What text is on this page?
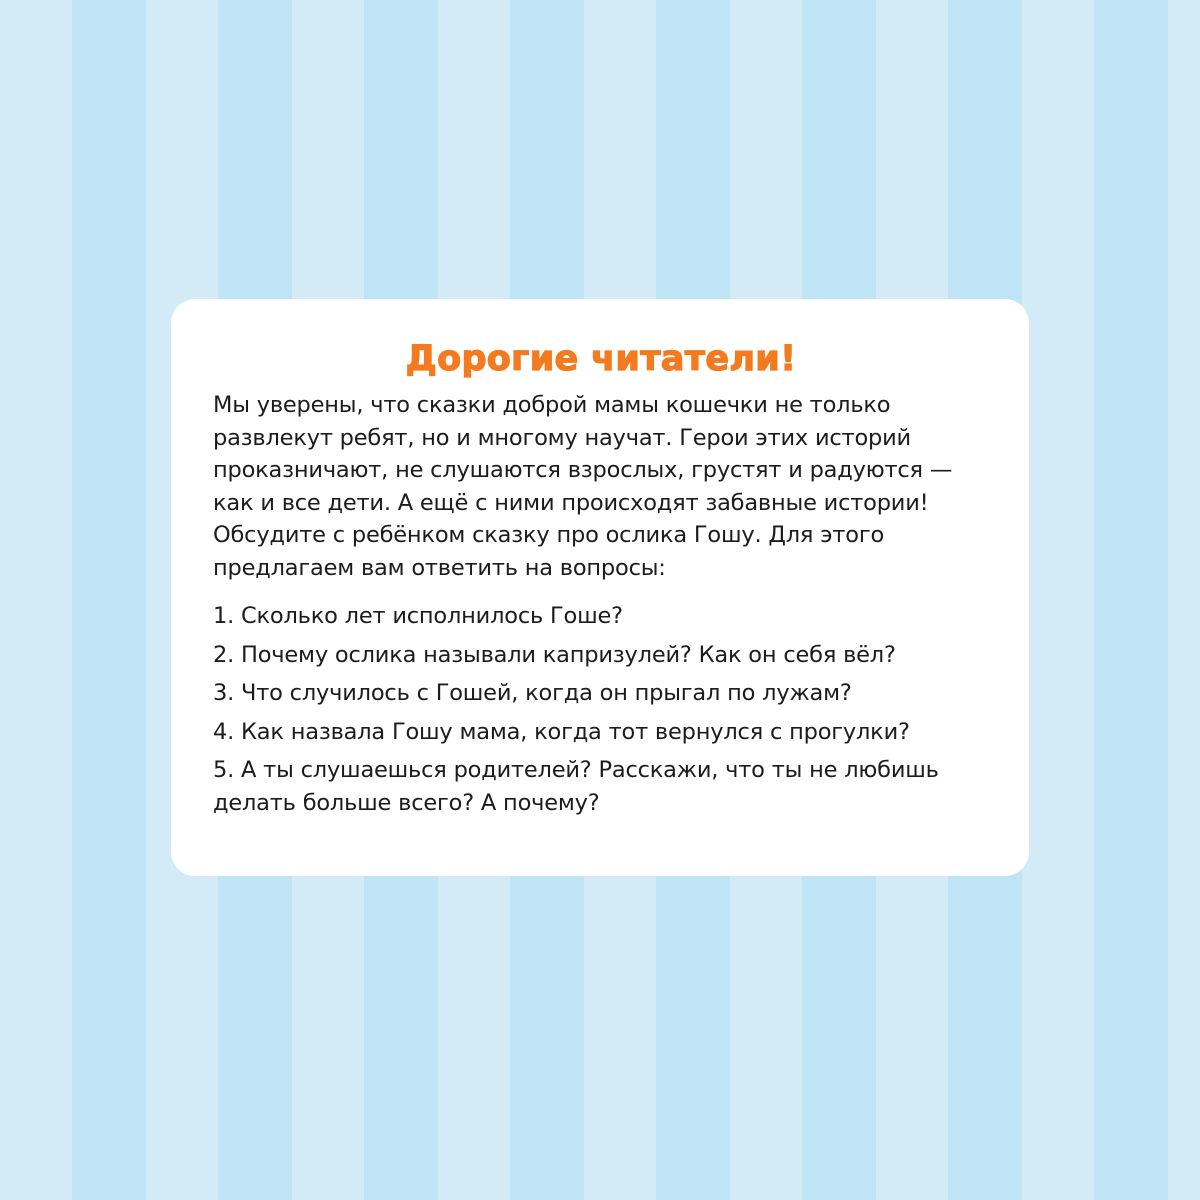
Дорогие читатели!

Мы уверены, что сказки доброй мамы кошечки не только развлекут ребят, но и многому научат. Герои этих историй проказничают, не слушаются взрослых, грустят и радуются — как и все дети. А ещё с ними происходят забавные истории! Обсудите с ребёнком сказку про ослика Гошу. Для этого предлагаем вам ответить на вопросы:

1. Сколько лет исполнилось Гоше?
2. Почему ослика называли капризулей? Как он себя вёл?
3. Что случилось с Гошей, когда он прыгал по лужам?
4. Как назвала Гошу мама, когда тот вернулся с прогулки?
5. А ты слушаешься родителей? Расскажи, что ты не любишь делать больше всего? А почему?
